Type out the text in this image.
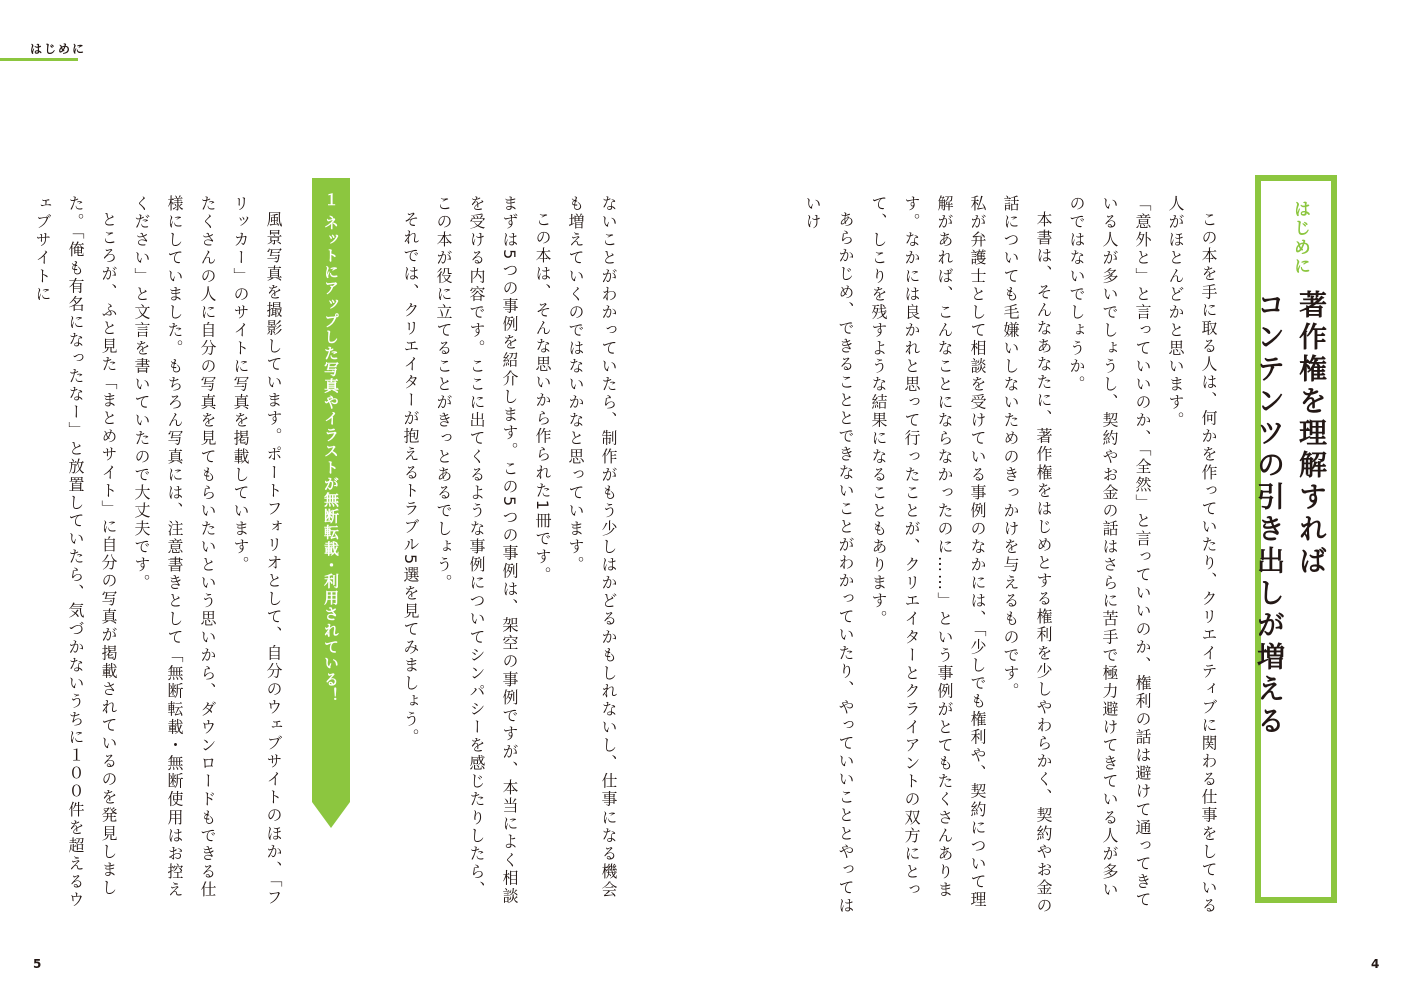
はじめに
はじめに
著作権を理解すれば
コンテンツの引き出しが増える

この本を手に取る人は、何かを作っていたり、クリエイティブに関わる仕事をしている人がほとんどかと思います。

「意外と」と言っていいのか、「全然」と言っていいのか、権利の話は避けて通ってきている人が多いでしょうし、契約やお金の話はさらに苦手で極力避けてきている人が多いのではないでしょうか。

本書は、そんなあなたに、著作権をはじめとする権利を少しやわらかく、契約やお金の話についても毛嫌いしないためのきっかけを与えるものです。

私が弁護士として相談を受けている事例のなかには、「少しでも権利や、契約について理解があれば、こんなことにならなかったのに……」という事例がとてもたくさんあります。なかには良かれと思って行ったことが、クリエイターとクライアントの双方にとって、しこりを残すような結果になることもあります。

あらかじめ、できることとできないことがわかっていたり、やっていいこととやってはいけ

ないことがわかっていたら、制作がもう少しはかどるかもしれないし、仕事になる機会も増えていくのではないかなと思っています。

この本は、そんな思いから作られた1冊です。

まずは5つの事例を紹介します。この5つの事例は、架空の事例ですが、本当によく相談を受ける内容です。ここに出てくるような事例についてシンパシーを感じたりしたら、この本が役に立てることがきっとあるでしょう。

それでは、クリエイターが抱えるトラブル5選を見てみましょう。

１ ネットにアップした写真やイラストが無断転載・利用されている！

風景写真を撮影しています。ポートフォリオとして、自分のウェブサイトのほか、「フリッカー」のサイトに写真を掲載しています。

たくさんの人に自分の写真を見てもらいたいという思いから、ダウンロードもできる仕様にしていました。もちろん写真には、注意書きとして「無断転載・無断使用はお控えください」と文言を書いていたので大丈夫です。

ところが、ふと見た「まとめサイト」に自分の写真が掲載されているのを発見しました。「俺も有名になったなー」と放置していたら、気づかないうちに１００件を超えるウェブサイトに

5	4
